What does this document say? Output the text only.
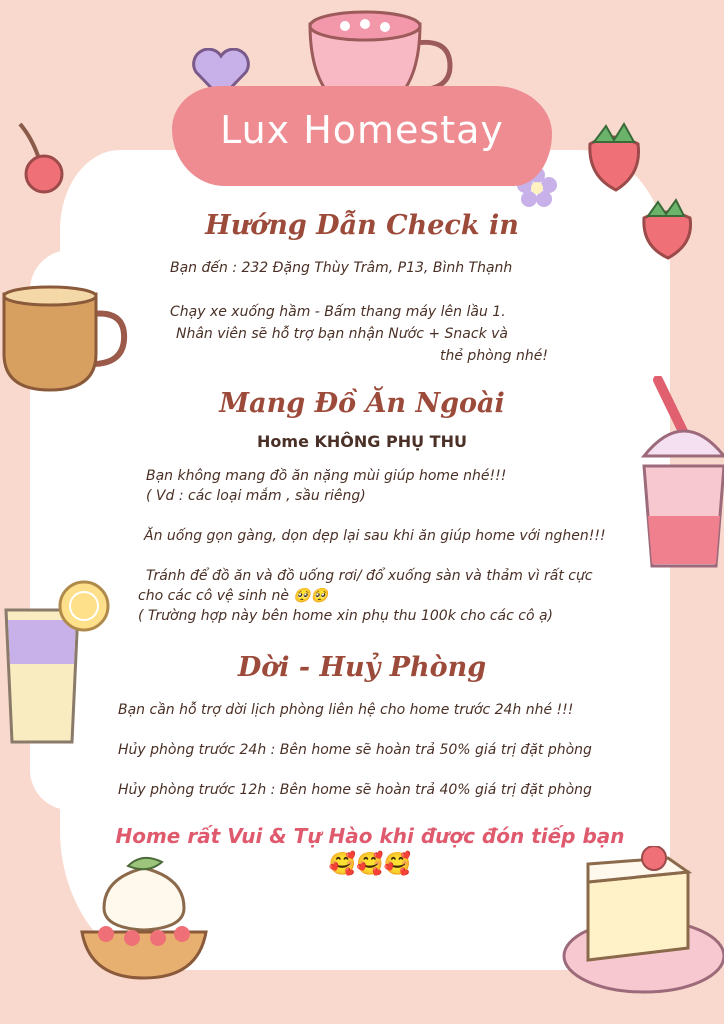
Lux Homestay
Hướng Dẫn Check in
Bạn đến : 232 Đặng Thùy Trâm, P13, Bình Thạnh
Chạy xe xuống hầm - Bấm thang máy lên lầu 1.
Nhân viên sẽ hỗ trợ bạn nhận Nước + Snack và
thẻ phòng nhé!
Mang Đồ Ăn Ngoài
Home KHÔNG PHỤ THU
Bạn không mang đồ ăn nặng mùi giúp home nhé!!!
( Vd : các loại mắm , sầu riêng)
Ăn uống gọn gàng, dọn dẹp lại sau khi ăn giúp home với nghen!!!
Tránh để đồ ăn và đồ uống rơi/ đổ xuống sàn và thảm vì rất cực
cho các cô vệ sinh nè 🥺🥺
( Trường hợp này bên home xin phụ thu 100k cho các cô ạ)
Dời - Huỷ Phòng
Bạn cần hỗ trợ dời lịch phòng liên hệ cho home trước 24h nhé !!!
Hủy phòng trước 24h : Bên home sẽ hoàn trả 50% giá trị đặt phòng
Hủy phòng trước 12h : Bên home sẽ hoàn trả 40% giá trị đặt phòng
Home rất Vui & Tự Hào khi được đón tiếp bạn
🥰🥰🥰
